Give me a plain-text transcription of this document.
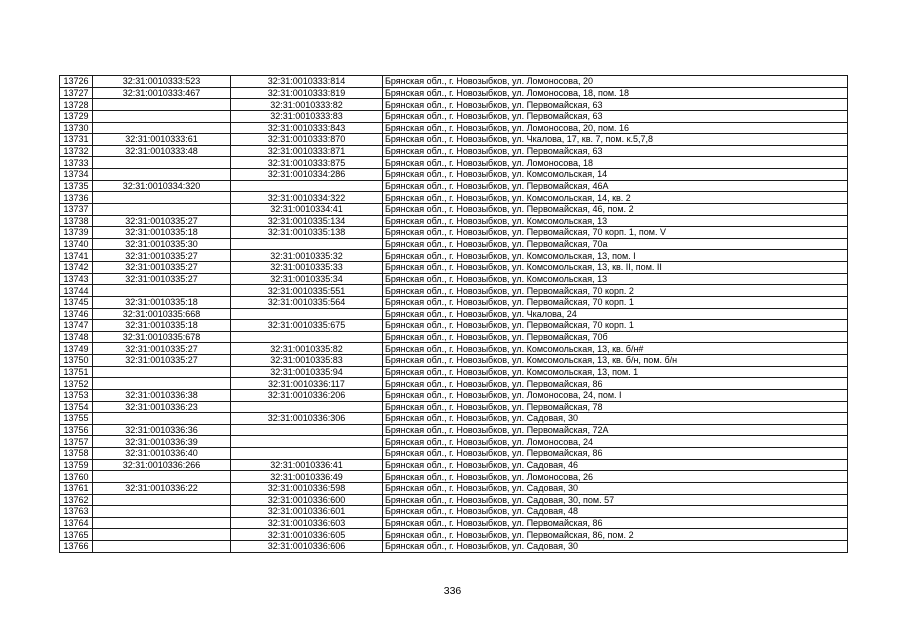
13726	32:31:0010333:523	32:31:0010333:814	Брянская обл., г. Новозыбков, ул. Ломоносова, 20
13727	32:31:0010333:467	32:31:0010333:819	Брянская обл., г. Новозыбков, ул. Ломоносова, 18, пом. 18
13728		32:31:0010333:82	Брянская обл., г. Новозыбков, ул. Первомайская, 63
13729		32:31:0010333:83	Брянская обл., г. Новозыбков, ул. Первомайская, 63
13730		32:31:0010333:843	Брянская обл., г. Новозыбков, ул. Ломоносова, 20, пом. 16
13731	32:31:0010333:61	32:31:0010333:870	Брянская обл., г. Новозыбков, ул. Чкалова, 17, кв. 7, пом. к.5,7,8
13732	32:31:0010333:48	32:31:0010333:871	Брянская обл., г. Новозыбков, ул. Первомайская, 63
13733		32:31:0010333:875	Брянская обл., г. Новозыбков, ул. Ломоносова, 18
13734		32:31:0010334:286	Брянская обл., г. Новозыбков, ул. Комсомольская, 14
13735	32:31:0010334:320		Брянская обл., г. Новозыбков, ул. Первомайская, 46А
13736		32:31:0010334:322	Брянская обл., г. Новозыбков, ул. Комсомольская, 14, кв. 2
13737		32:31:0010334:41	Брянская обл., г. Новозыбков, ул. Первомайская, 46, пом. 2
13738	32:31:0010335:27	32:31:0010335:134	Брянская обл., г. Новозыбков, ул. Комсомольская, 13
13739	32:31:0010335:18	32:31:0010335:138	Брянская обл., г. Новозыбков, ул. Первомайская, 70 корп. 1, пом. V
13740	32:31:0010335:30		Брянская обл., г. Новозыбков, ул. Первомайская, 70а
13741	32:31:0010335:27	32:31:0010335:32	Брянская обл., г. Новозыбков, ул. Комсомольская, 13, пом. I
13742	32:31:0010335:27	32:31:0010335:33	Брянская обл., г. Новозыбков, ул. Комсомольская, 13, кв. II, пом. II
13743	32:31:0010335:27	32:31:0010335:34	Брянская обл., г. Новозыбков, ул. Комсомольская, 13
13744		32:31:0010335:551	Брянская обл., г. Новозыбков, ул. Первомайская, 70 корп. 2
13745	32:31:0010335:18	32:31:0010335:564	Брянская обл., г. Новозыбков, ул. Первомайская, 70 корп. 1
13746	32:31:0010335:668		Брянская обл., г. Новозыбков, ул. Чкалова, 24
13747	32:31:0010335:18	32:31:0010335:675	Брянская обл., г. Новозыбков, ул. Первомайская, 70 корп. 1
13748	32:31:0010335:678		Брянская обл., г. Новозыбков, ул. Первомайская, 70б
13749	32:31:0010335:27	32:31:0010335:82	Брянская обл., г. Новозыбков, ул. Комсомольская, 13, кв. б/н#
13750	32:31:0010335:27	32:31:0010335:83	Брянская обл., г. Новозыбков, ул. Комсомольская, 13, кв. б/н, пом. б/н
13751		32:31:0010335:94	Брянская обл., г. Новозыбков, ул. Комсомольская, 13, пом. 1
13752		32:31:0010336:117	Брянская обл., г. Новозыбков, ул. Первомайская, 86
13753	32:31:0010336:38	32:31:0010336:206	Брянская обл., г. Новозыбков, ул. Ломоносова, 24, пом. I
13754	32:31:0010336:23		Брянская обл., г. Новозыбков, ул. Первомайская, 78
13755		32:31:0010336:306	Брянская обл., г. Новозыбков, ул. Садовая, 30
13756	32:31:0010336:36		Брянская обл., г. Новозыбков, ул. Первомайская, 72А
13757	32:31:0010336:39		Брянская обл., г. Новозыбков, ул. Ломоносова, 24
13758	32:31:0010336:40		Брянская обл., г. Новозыбков, ул. Первомайская, 86
13759	32:31:0010336:266	32:31:0010336:41	Брянская обл., г. Новозыбков, ул. Садовая, 46
13760		32:31:0010336:49	Брянская обл., г. Новозыбков, ул. Ломоносова, 26
13761	32:31:0010336:22	32:31:0010336:598	Брянская обл., г. Новозыбков, ул. Садовая, 30
13762		32:31:0010336:600	Брянская обл., г. Новозыбков, ул. Садовая, 30, пом. 57
13763		32:31:0010336:601	Брянская обл., г. Новозыбков, ул. Садовая, 48
13764		32:31:0010336:603	Брянская обл., г. Новозыбков, ул. Первомайская, 86
13765		32:31:0010336:605	Брянская обл., г. Новозыбков, ул. Первомайская, 86, пом. 2
13766		32:31:0010336:606	Брянская обл., г. Новозыбков, ул. Садовая, 30
336
